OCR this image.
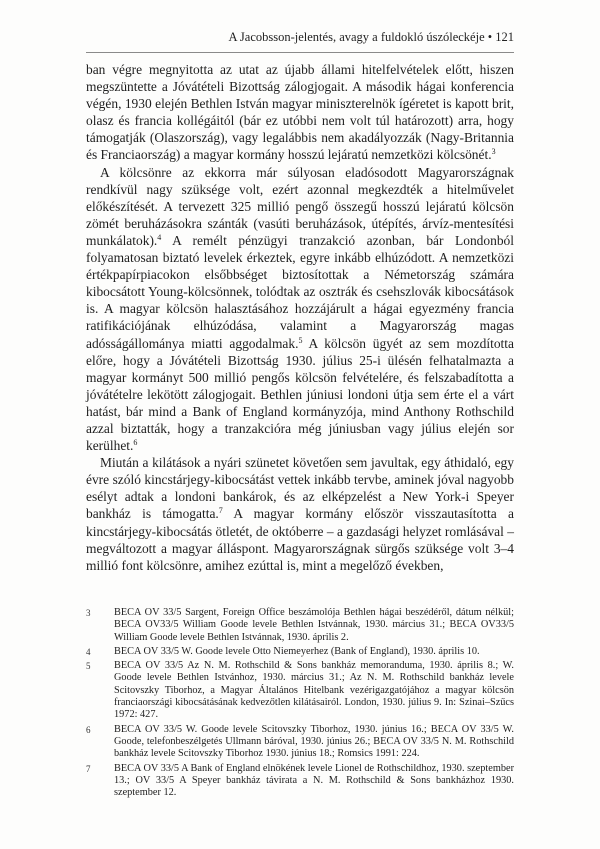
A Jacobsson-jelentés, avagy a fuldokló úszóleckéje • 121

ban végre megnyitotta az utat az újabb állami hitelfelvételek előtt, hiszen megszüntette a Jóvátételi Bizottság zálogjogait. A második hágai konferencia végén, 1930 elején Bethlen István magyar miniszterelnök ígéretet is kapott brit, olasz és francia kollégáitól (bár ez utóbbi nem volt túl határozott) arra, hogy támogatják (Olaszország), vagy legalábbis nem akadályozzák (Nagy-Britannia és Franciaország) a magyar kormány hosszú lejáratú nemzetközi kölcsönét.$^3$

A kölcsönre az ekkorra már súlyosan eladósodott Magyarországnak rendkívül nagy szüksége volt, ezért azonnal megkezdték a hitelművelet előkészítését. A tervezett 325 millió pengő összegű hosszú lejáratú kölcsön zömét beruházásokra szánták (vasúti beruházások, útépítés, árvíz-mentesítési munkálatok).$^4$ A remélt pénzügyi tranzakció azonban, bár Londonból folyamatosan biztató levelek érkeztek, egyre inkább elhúzódott. A nemzetközi értékpapírpiacokon elsőbbséget biztosítottak a Németország számára kibocsátott Young-kölcsönnek, tolódtak az osztrák és csehszlovák kibocsátások is. A magyar kölcsön halasztásához hozzájárult a hágai egyezmény francia ratifikációjának elhúzódása, valamint a Magyarország magas adósságállománya miatti aggodalmak.$^5$ A kölcsön ügyét az sem mozdította előre, hogy a Jóvátételi Bizottság 1930. július 25-i ülésén felhatalmazta a magyar kormányt 500 millió pengős kölcsön felvételére, és felszabadította a jóvátételre lekötött zálogjogait. Bethlen júniusi londoni útja sem érte el a várt hatást, bár mind a Bank of England kormányzója, mind Anthony Rothschild azzal biztatták, hogy a tranzakcióra még júniusban vagy július elején sor kerülhet.$^6$

Miután a kilátások a nyári szünetet követően sem javultak, egy áthidaló, egy évre szóló kincstárjegy-kibocsátást vettek inkább tervbe, aminek jóval nagyobb esélyt adtak a londoni bankárok, és az elképzelést a New York-i Speyer bankház is támogatta.$^7$ A magyar kormány először visszautasította a kincstárjegy-kibocsátás ötletét, de októberre – a gazdasági helyzet romlásával – megváltozott a magyar álláspont. Magyarországnak sürgős szüksége volt 3–4 millió font kölcsönre, amihez ezúttal is, mint a megelőző években,

3	BECA OV 33/5 Sargent, Foreign Office beszámolója Bethlen hágai beszédéről, dátum nélkül; BECA OV33/5 William Goode levele Bethlen Istvánnak, 1930. március 31.; BECA OV33/5 William Goode levele Bethlen Istvánnak, 1930. április 2.
4	BECA OV 33/5 W. Goode levele Otto Niemeyerhez (Bank of England), 1930. április 10.
5	BECA OV 33/5 Az N. M. Rothschild & Sons bankház memoranduma, 1930. április 8.; W. Goode levele Bethlen Istvánhoz, 1930. március 31.; Az N. M. Rothschild bankház levele Scitovszky Tiborhoz, a Magyar Általános Hitelbank vezérigazgatójához a magyar kölcsön franciaországi kibocsátásának kedvezőtlen kilátásairól. London, 1930. július 9. In: Szinai–Szűcs 1972: 427.
6	BECA OV 33/5 W. Goode levele Scitovszky Tiborhoz, 1930. június 16.; BECA OV 33/5 W. Goode, telefonbeszélgetés Ullmann báróval, 1930. június 26.; BECA OV 33/5 N. M. Rothschild bankház levele Scitovszky Tiborhoz 1930. június 18.; Romsics 1991: 224.
7	BECA OV 33/5 A Bank of England elnökének levele Lionel de Rothschildhoz, 1930. szeptember 13.; OV 33/5 A Speyer bankház távirata a N. M. Rothschild & Sons bankházhoz 1930. szeptember 12.
